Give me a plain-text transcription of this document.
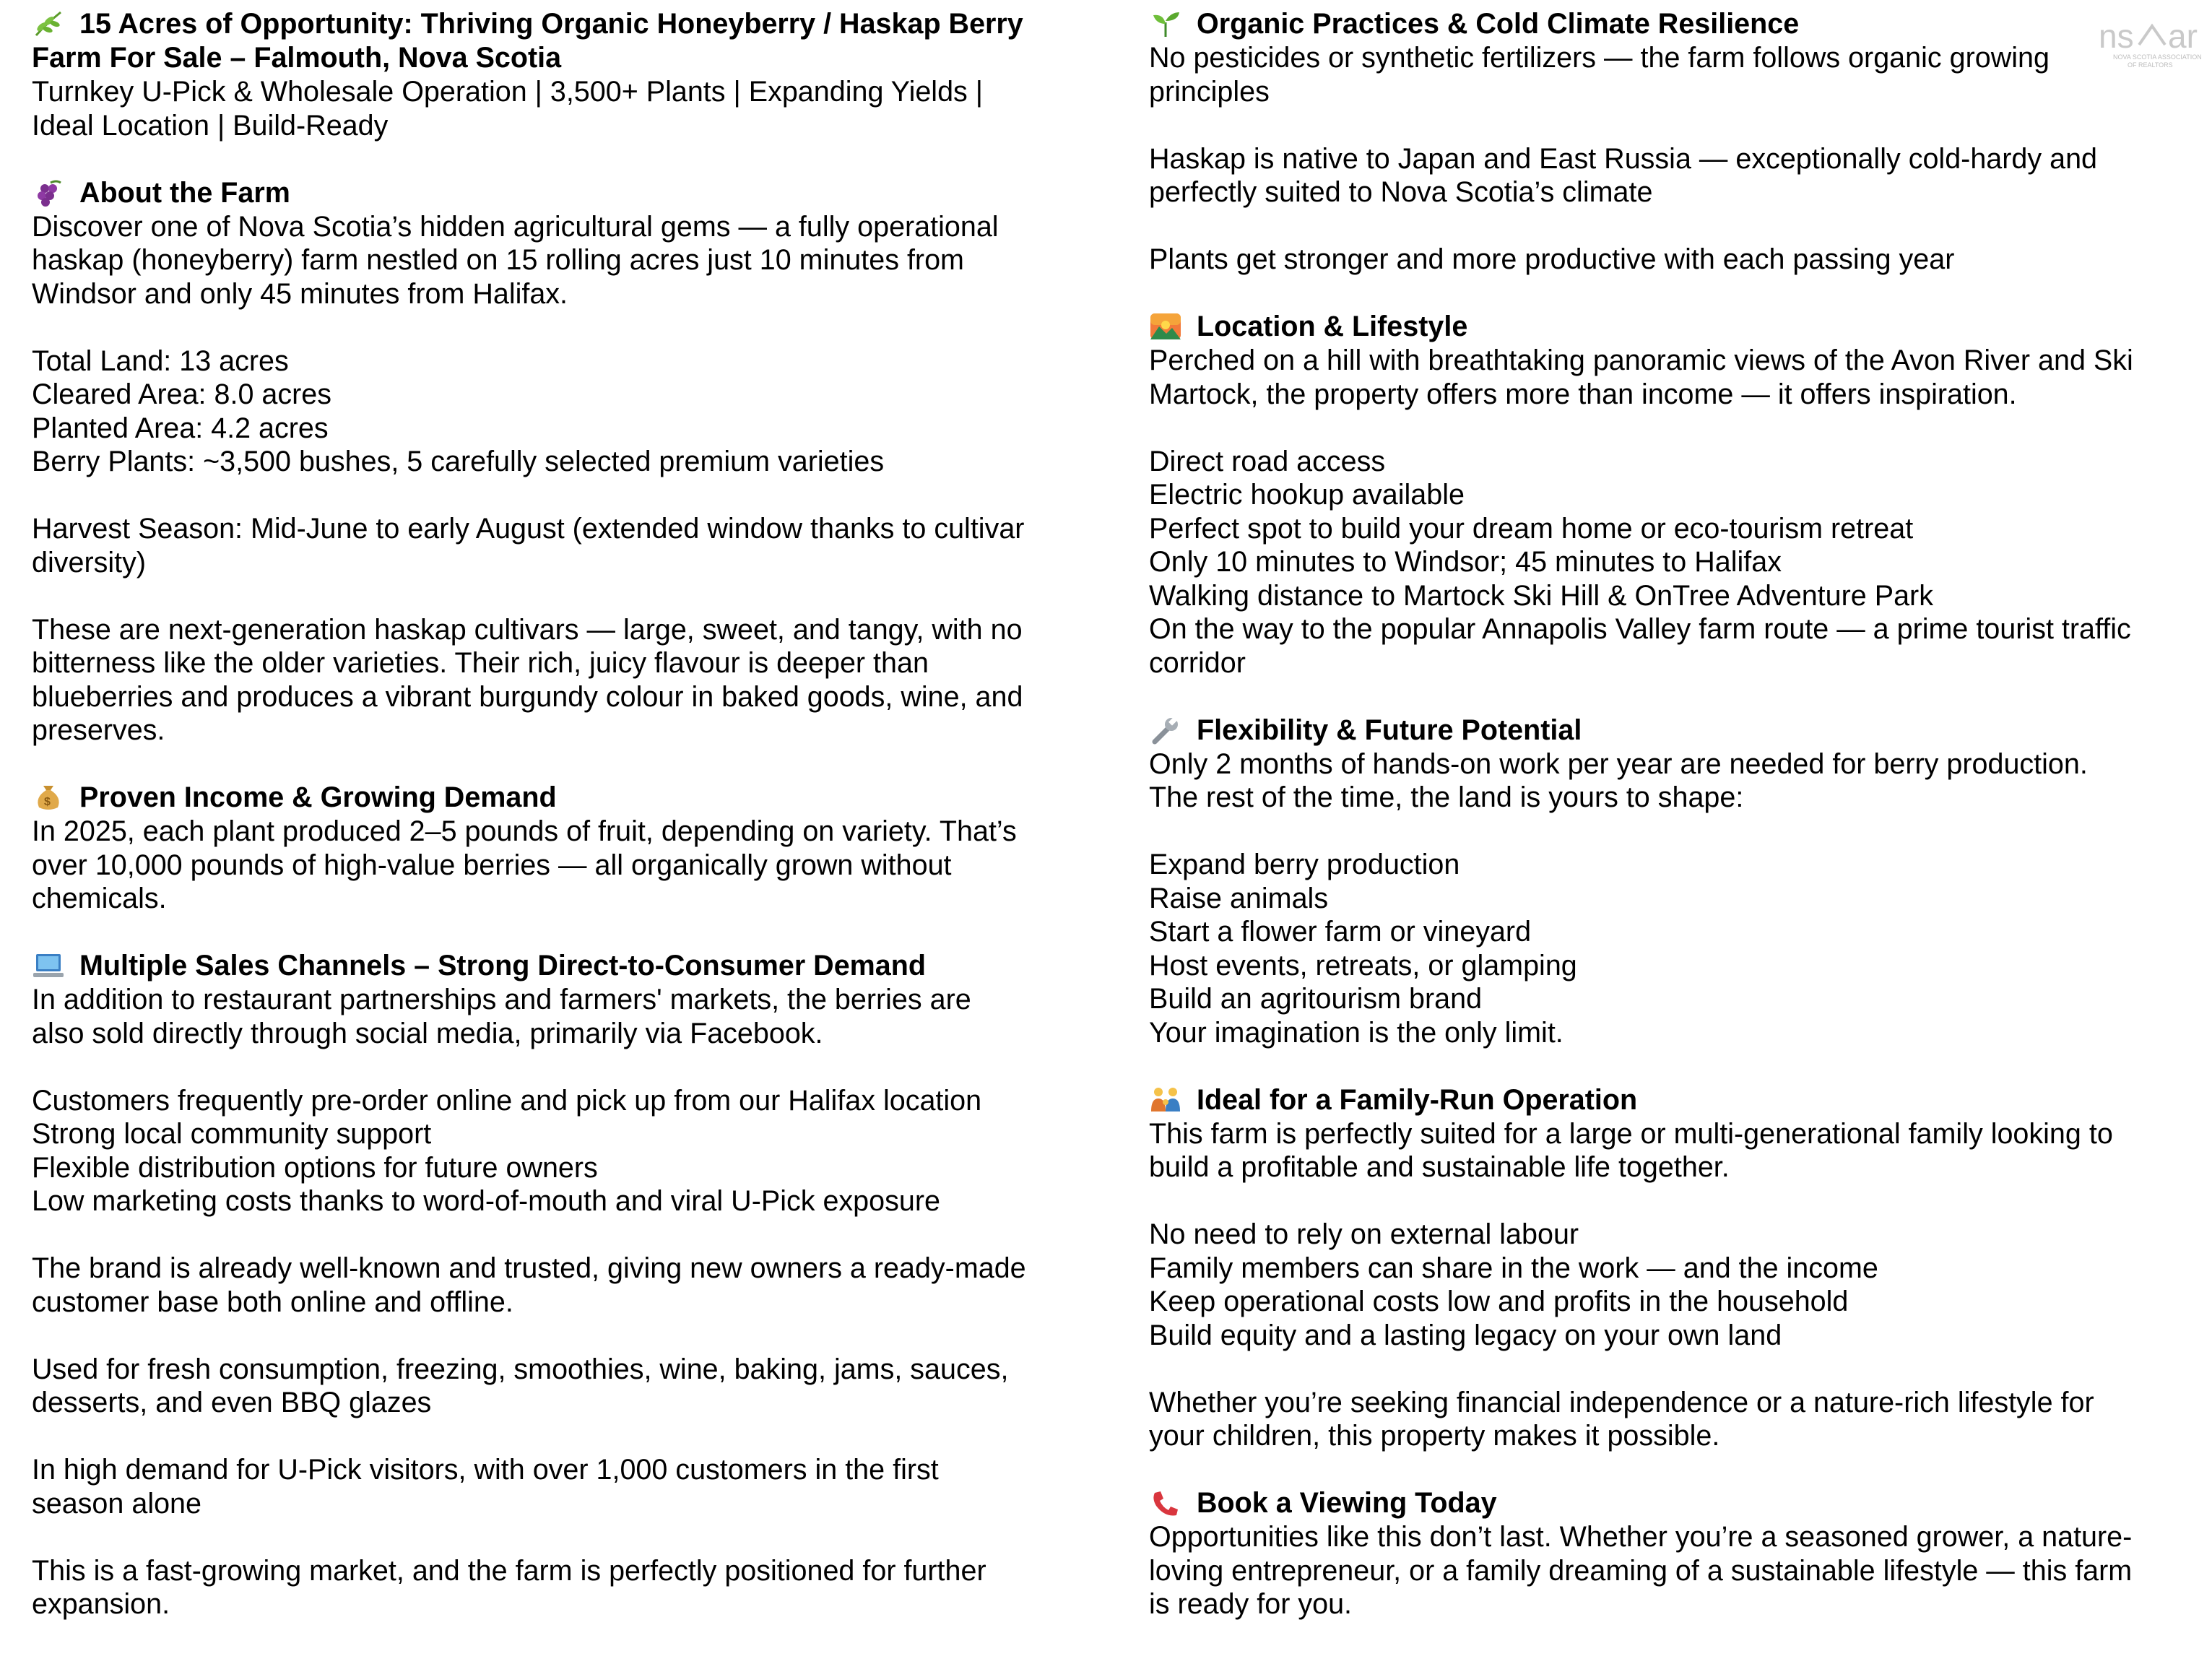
ns ar
NOVA SCOTIA ASSOCIATION
OF REALTORS
15 Acres of Opportunity: Thriving Organic Honeyberry / Haskap Berry
Farm For Sale – Falmouth, Nova Scotia

Turnkey U-Pick & Wholesale Operation | 3,500+ Plants | Expanding Yields |

Ideal Location | Build-Ready

About the Farm

Discover one of Nova Scotia’s hidden agricultural gems — a fully operational

haskap (honeyberry) farm nestled on 15 rolling acres just 10 minutes from

Windsor and only 45 minutes from Halifax.

Total Land: 13 acres

Cleared Area: 8.0 acres

Planted Area: 4.2 acres

Berry Plants: ~3,500 bushes, 5 carefully selected premium varieties

Harvest Season: Mid-June to early August (extended window thanks to cultivar

diversity)

These are next-generation haskap cultivars — large, sweet, and tangy, with no

bitterness like the older varieties. Their rich, juicy flavour is deeper than

blueberries and produces a vibrant burgundy colour in baked goods, wine, and

preserves.

$ Proven Income & Growing Demand

In 2025, each plant produced 2–5 pounds of fruit, depending on variety. That’s

over 10,000 pounds of high-value berries — all organically grown without

chemicals.

Multiple Sales Channels – Strong Direct-to-Consumer Demand

In addition to restaurant partnerships and farmers' markets, the berries are

also sold directly through social media, primarily via Facebook.

Customers frequently pre-order online and pick up from our Halifax location

Strong local community support

Flexible distribution options for future owners

Low marketing costs thanks to word-of-mouth and viral U-Pick exposure

The brand is already well-known and trusted, giving new owners a ready-made

customer base both online and offline.

Used for fresh consumption, freezing, smoothies, wine, baking, jams, sauces,

desserts, and even BBQ glazes

In high demand for U-Pick visitors, with over 1,000 customers in the first

season alone

This is a fast-growing market, and the farm is perfectly positioned for further

expansion.

Organic Practices & Cold Climate Resilience

No pesticides or synthetic fertilizers — the farm follows organic growing

principles

Haskap is native to Japan and East Russia — exceptionally cold-hardy and

perfectly suited to Nova Scotia’s climate

Plants get stronger and more productive with each passing year

Location & Lifestyle

Perched on a hill with breathtaking panoramic views of the Avon River and Ski

Martock, the property offers more than income — it offers inspiration.

Direct road access

Electric hookup available

Perfect spot to build your dream home or eco-tourism retreat

Only 10 minutes to Windsor; 45 minutes to Halifax

Walking distance to Martock Ski Hill & OnTree Adventure Park

On the way to the popular Annapolis Valley farm route — a prime tourist traffic

corridor

Flexibility & Future Potential

Only 2 months of hands-on work per year are needed for berry production.

The rest of the time, the land is yours to shape:

Expand berry production

Raise animals

Start a flower farm or vineyard

Host events, retreats, or glamping

Build an agritourism brand

Your imagination is the only limit.

Ideal for a Family-Run Operation

This farm is perfectly suited for a large or multi-generational family looking to

build a profitable and sustainable life together.

No need to rely on external labour

Family members can share in the work — and the income

Keep operational costs low and profits in the household

Build equity and a lasting legacy on your own land

Whether you’re seeking financial independence or a nature-rich lifestyle for

your children, this property makes it possible.

Book a Viewing Today

Opportunities like this don’t last. Whether you’re a seasoned grower, a nature-

loving entrepreneur, or a family dreaming of a sustainable lifestyle — this farm

is ready for you.
